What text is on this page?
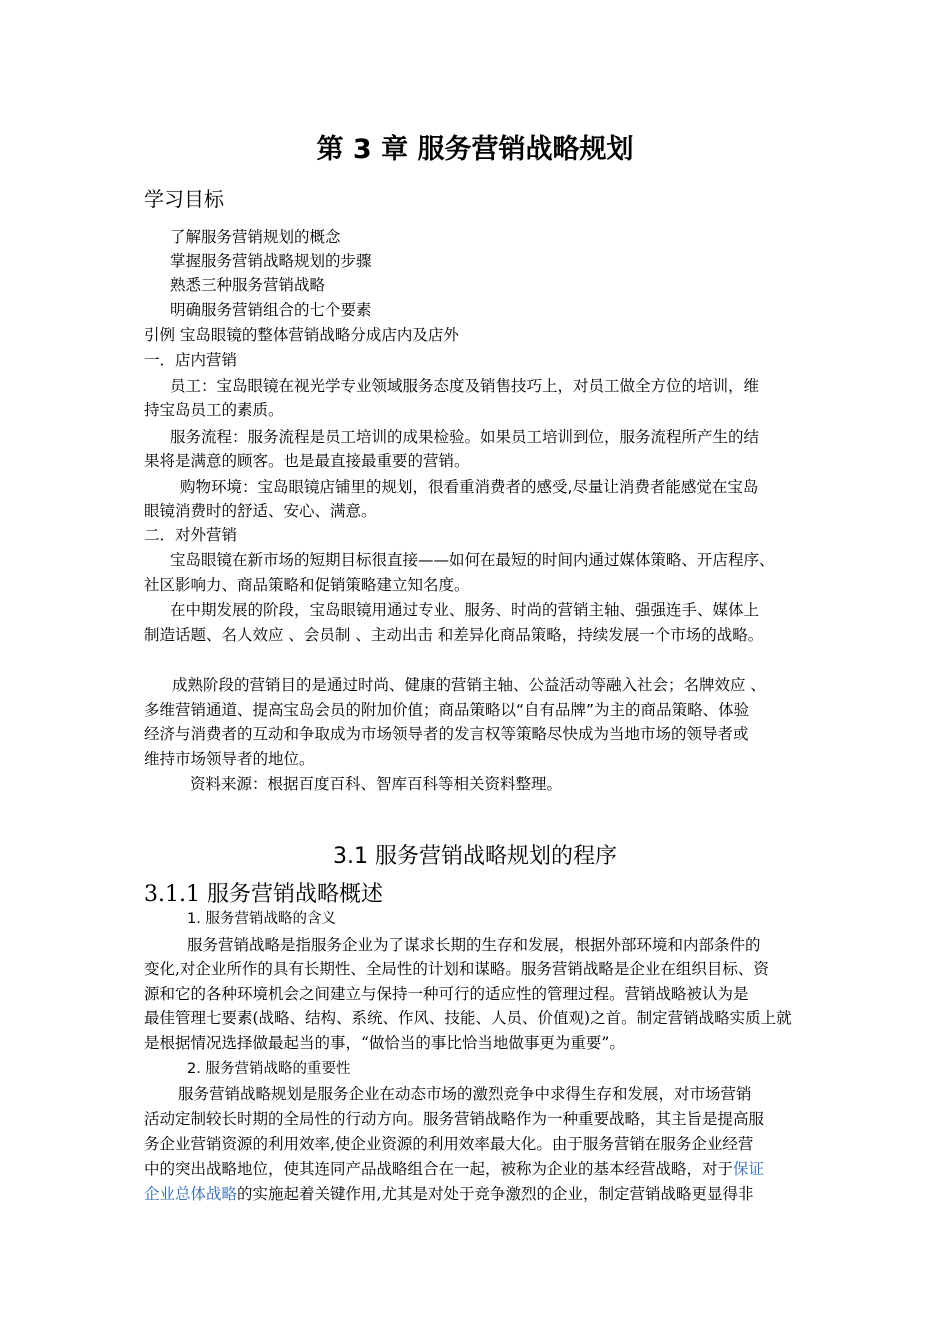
第 3 章 服务营销战略规划
学习目标
了解服务营销规划的概念
掌握服务营销战略规划的步骤
熟悉三种服务营销战略
明确服务营销组合的七个要素
引例 宝岛眼镜的整体营销战略分成店内及店外
一．店内营销
员工：宝岛眼镜在视光学专业领域服务态度及销售技巧上，对员工做全方位的培训，维
持宝岛员工的素质。
服务流程：服务流程是员工培训的成果检验。如果员工培训到位，服务流程所产生的结
果将是满意的顾客。也是最直接最重要的营销。
购物环境：宝岛眼镜店铺里的规划，很看重消费者的感受,尽量让消费者能感觉在宝岛
眼镜消费时的舒适、安心、满意。
二．对外营销
宝岛眼镜在新市场的短期目标很直接——如何在最短的时间内通过媒体策略、开店程序、
社区影响力、商品策略和促销策略建立知名度。
在中期发展的阶段，宝岛眼镜用通过专业、服务、时尚的营销主轴、强强连手、媒体上
制造话题、名人效应 、会员制 、主动出击 和差异化商品策略，持续发展一个市场的战略。
成熟阶段的营销目的是通过时尚、健康的营销主轴、公益活动等融入社会；名牌效应 、
多维营销通道、提高宝岛会员的附加价值；商品策略以“自有品牌”为主的商品策略、体验
经济与消费者的互动和争取成为市场领导者的发言权等策略尽快成为当地市场的领导者或
维持市场领导者的地位。
资料来源：根据百度百科、智库百科等相关资料整理。
3.1 服务营销战略规划的程序
3.1.1 服务营销战略概述
1. 服务营销战略的含义
服务营销战略是指服务企业为了谋求长期的生存和发展，根据外部环境和内部条件的
变化,对企业所作的具有长期性、全局性的计划和谋略。服务营销战略是企业在组织目标、资
源和它的各种环境机会之间建立与保持一种可行的适应性的管理过程。营销战略被认为是
最佳管理七要素(战略、结构、系统、作风、技能、人员、价值观)之首。制定营销战略实质上就
是根据情况选择做最起当的事，“做恰当的事比恰当地做事更为重要”。
2. 服务营销战略的重要性
服务营销战略规划是服务企业在动态市场的激烈竞争中求得生存和发展，对市场营销
活动定制较长时期的全局性的行动方向。服务营销战略作为一种重要战略，其主旨是提高服
务企业营销资源的利用效率,使企业资源的利用效率最大化。由于服务营销在服务企业经营
中的突出战略地位，使其连同产品战略组合在一起，被称为企业的基本经营战略，对于保证
企业总体战略的实施起着关键作用,尤其是对处于竞争激烈的企业，制定营销战略更显得非
